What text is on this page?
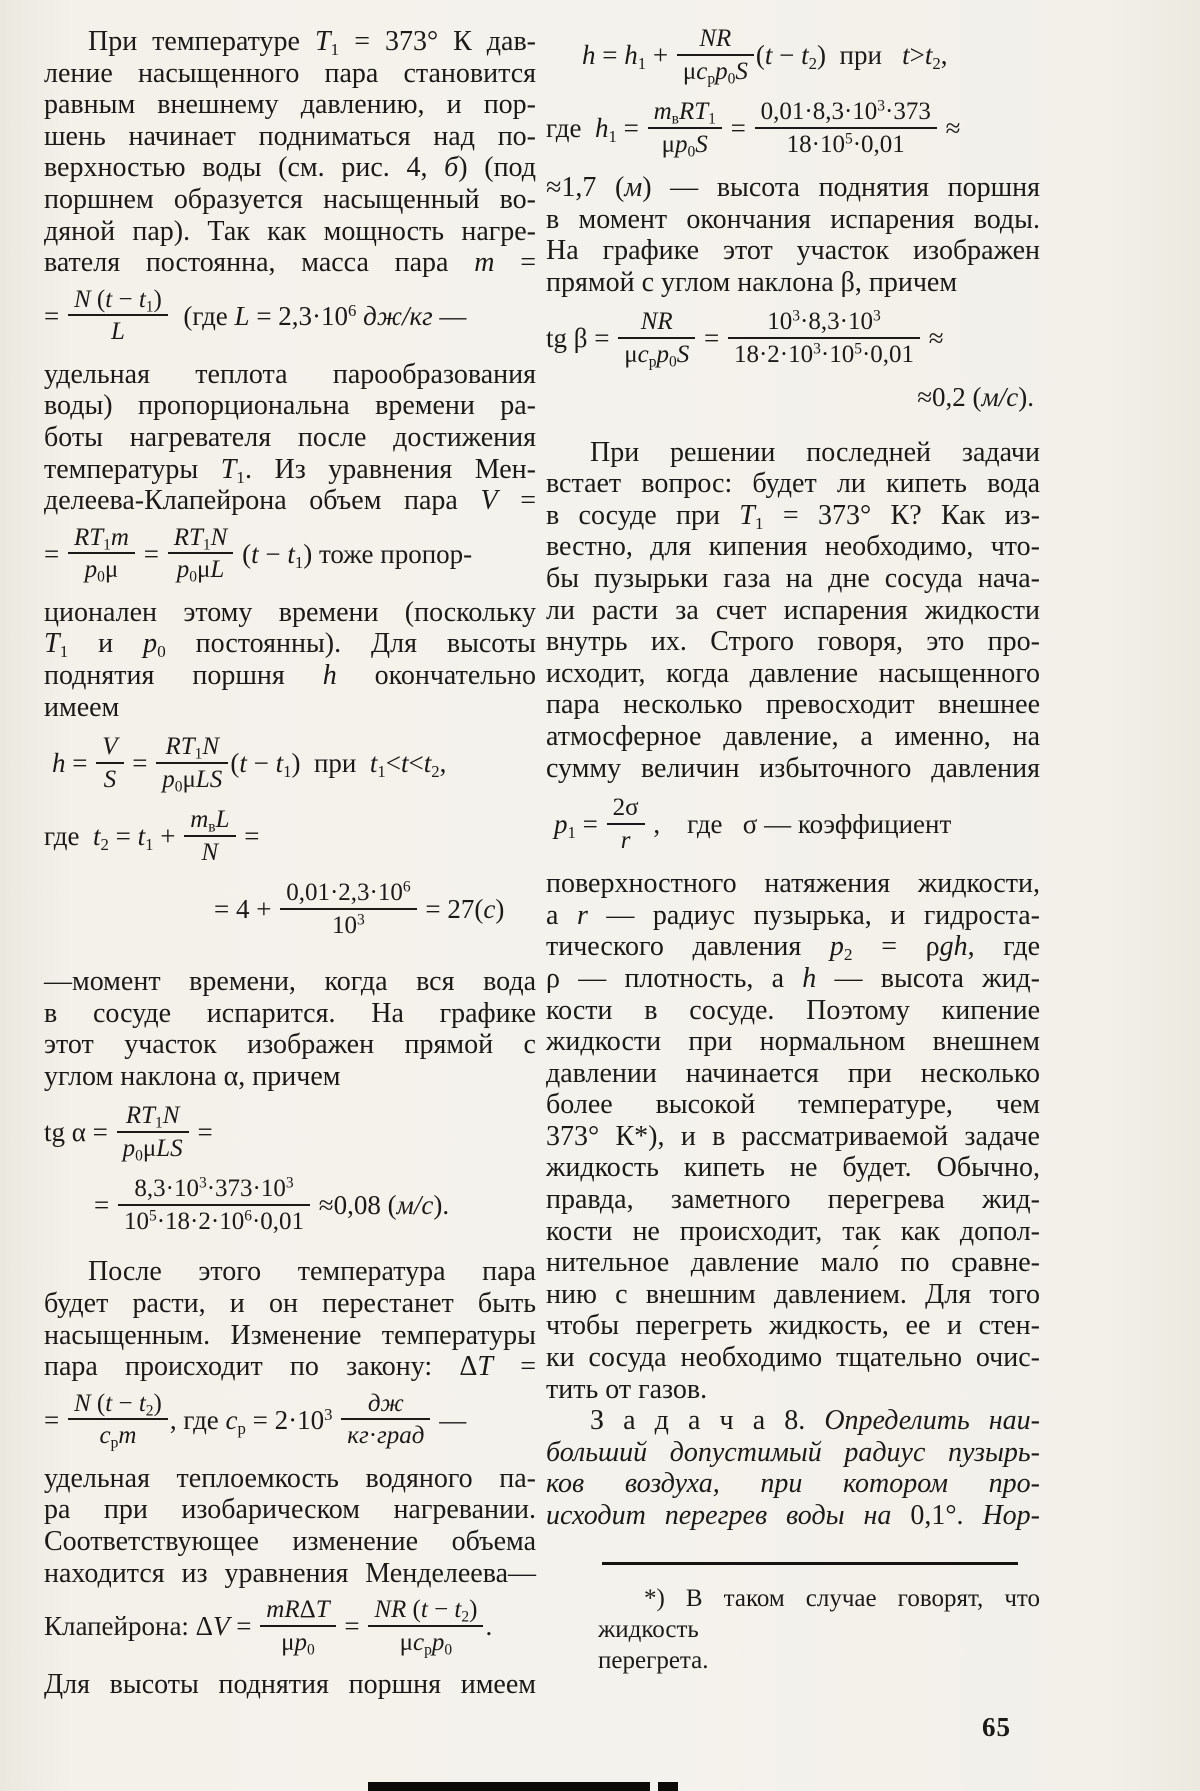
При температуре $T_1 = 373^\circ$ К дав-
ление насыщенного пара становится
равным внешнему давлению, и пор-
шень начинает подниматься над по-
верхностью воды (см. рис. 4, б) (под
поршнем образуется насыщенный во-
дяной пар). Так как мощность нагре-
вателя постоянна, масса пара m =
= $\frac{N (t - t_1)}{L} (где$ $L = 2,3\cdot 10^6$ дж/кг —
удельная теплота парообразования
воды) пропорциональна времени ра-
боты нагревателя после достижения
температуры $T_1$. Из уравнения Мен-
делеева-Клапейрона объем пара V =
= $\frac{RT_1m}{p_0\mu} = \frac{RT_1N}{p_0\mu L} (t - t_1)$ тоже пропор-
ционален этому времени (поскольку
$T_1$ и $p_0$ постоянны). Для высоты
поднятия поршня h окончательно
имеем
$h = \frac{V}{S} = \frac{RT_1N}{p_0\mu LS} (t - t_1)$  при  $t_1<t<t_2$,
где  $t_2 = t_1 + \frac{m_вL}{N}$ =
= $4 + \frac{0,01\cdot 2,3\cdot 10^6}{10^3} = 27(c)$
—момент времени, когда вся вода
в сосуде испарится. На графике
этот участок изображен прямой с
углом наклона α, причем
tg $\alpha = \frac{RT_1N}{p_0\mu LS}$ =
= $\frac{8,3\cdot 10^3\cdot 373\cdot 10^3}{10^5\cdot 18\cdot 2\cdot 10^6\cdot 0,01} \approx 0,08$ (м/с).
После этого температура пара
будет расти, и он перестанет быть
насыщенным. Изменение температуры
пара происходит по закону: ΔT =
= $\frac{N (t - t_2)}{c_pm}$ , где $c_p = 2\cdot 10^3 \frac{дж}{\text{кг·град}}$ —
удельная теплоемкость водяного па-
ра при изобарическом нагревании.
Соответствующее изменение объема
находится из уравнения Менделеева—
Клапейрона: $\Delta V = \frac{\text{mRΔT}}{\mu p_0} = \frac{NR (t - t_2)}{\mu c_pp_0}$ .
Для высоты поднятия поршня имеем
$h = h_1 + \frac{NR}{\mu c_pp_0S} (t - t_2)$  при   $t>t_2$,
где  $h_1 = \frac{m_вRT_1}{\mu p_0S} = \frac{0,01\cdot 8,3\cdot 10^3\cdot 373}{18\cdot 10^5\cdot 0,01}$ ≈
≈1,7 (м) — высота поднятия поршня
в момент окончания испарения воды.
На графике этот участок изображен
прямой с углом наклона β, причем
tg $\beta = \frac{NR}{\mu c_pp_0S} = \frac{10^3\cdot 8,3\cdot 10^3}{18\cdot 2\cdot 10^3\cdot 10^5\cdot 0,01}$ ≈
≈0,2 (м/с).
При решении последней задачи
встает вопрос: будет ли кипеть вода
в сосуде при $T_1 = 373^\circ$ К? Как из-
вестно, для кипения необходимо, что-
бы пузырьки газа на дне сосуда нача-
ли расти за счет испарения жидкости
внутрь их. Строго говоря, это про-
исходит, когда давление насыщенного
пара несколько превосходит внешнее
атмосферное давление, а именно, на
сумму величин избыточного давления
$p_1 = \frac{2\sigma}{r}$ ,    где   σ — коэффициент
поверхностного натяжения жидкости,
а r — радиус пузырька, и гидроста-
тического давления $p_2 = \rho gh$, где
ρ — плотность, а h — высота жид-
кости в сосуде. Поэтому кипение
жидкости при нормальном внешнем
давлении начинается при несколько
более высокой температуре, чем
373° К*), и в рассматриваемой задаче
жидкость кипеть не будет. Обычно,
правда, заметного перегрева жид-
кости не происходит, так как допол-
нительное давление мало́ по сравне-
нию с внешним давлением. Для того
чтобы перегреть жидкость, ее и стен-
ки сосуда необходимо тщательно очис-
тить от газов.
З а д а ч а 8. Определить наи-
больший допустимый радиус пузырь-
ков воздуха, при котором про-
исходит перегрев воды на 0,1°. Нор-
*) В таком случае говорят, что жидкость
перегрета.
65
